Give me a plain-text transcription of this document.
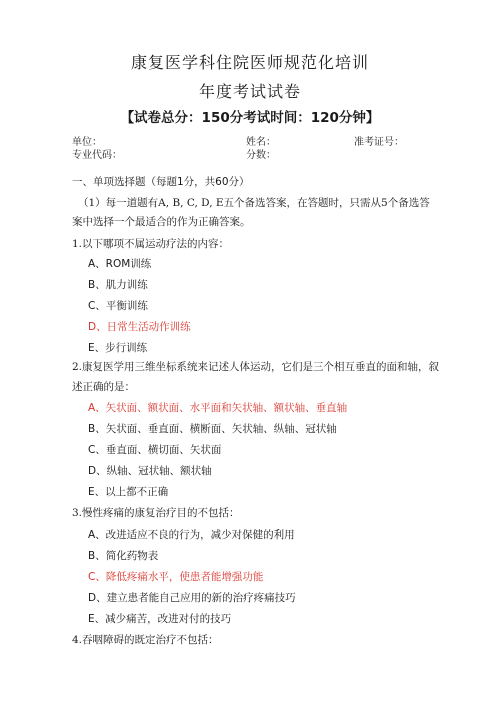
康复医学科住院医师规范化培训
年度考试试卷
【试卷总分：150分考试时间：120分钟】
单位：	姓名：	准考证号：
专业代码：	分数：
一、单项选择题（每题1分，共60分）
（1）每一道题有A, B, C, D, E五个备选答案，在答题时，只需从5个备选答
案中选择一个最适合的作为正确答案。
1.以下哪项不属运动疗法的内容：
A、ROM训练
B、肌力训练
C、平衡训练
D、日常生活动作训练
E、步行训练
2.康复医学用三维坐标系统来记述人体运动，它们是三个相互垂直的面和轴，叙
述正确的是：
A、矢状面、额状面、水平面和矢状轴、额状轴、垂直轴
B、矢状面、垂直面、横断面、矢状轴、纵轴、冠状轴
C、垂直面、横切面、矢状面
D、纵轴、冠状轴、额状轴
E、以上都不正确
3.慢性疼痛的康复治疗目的不包括：
A、改进适应不良的行为，减少对保健的利用
B、简化药物表
C、降低疼痛水平，使患者能增强功能
D、建立患者能自己应用的新的治疗疼痛技巧
E、减少痛苦，改进对付的技巧
4.吞咽障碍的既定治疗不包括：
